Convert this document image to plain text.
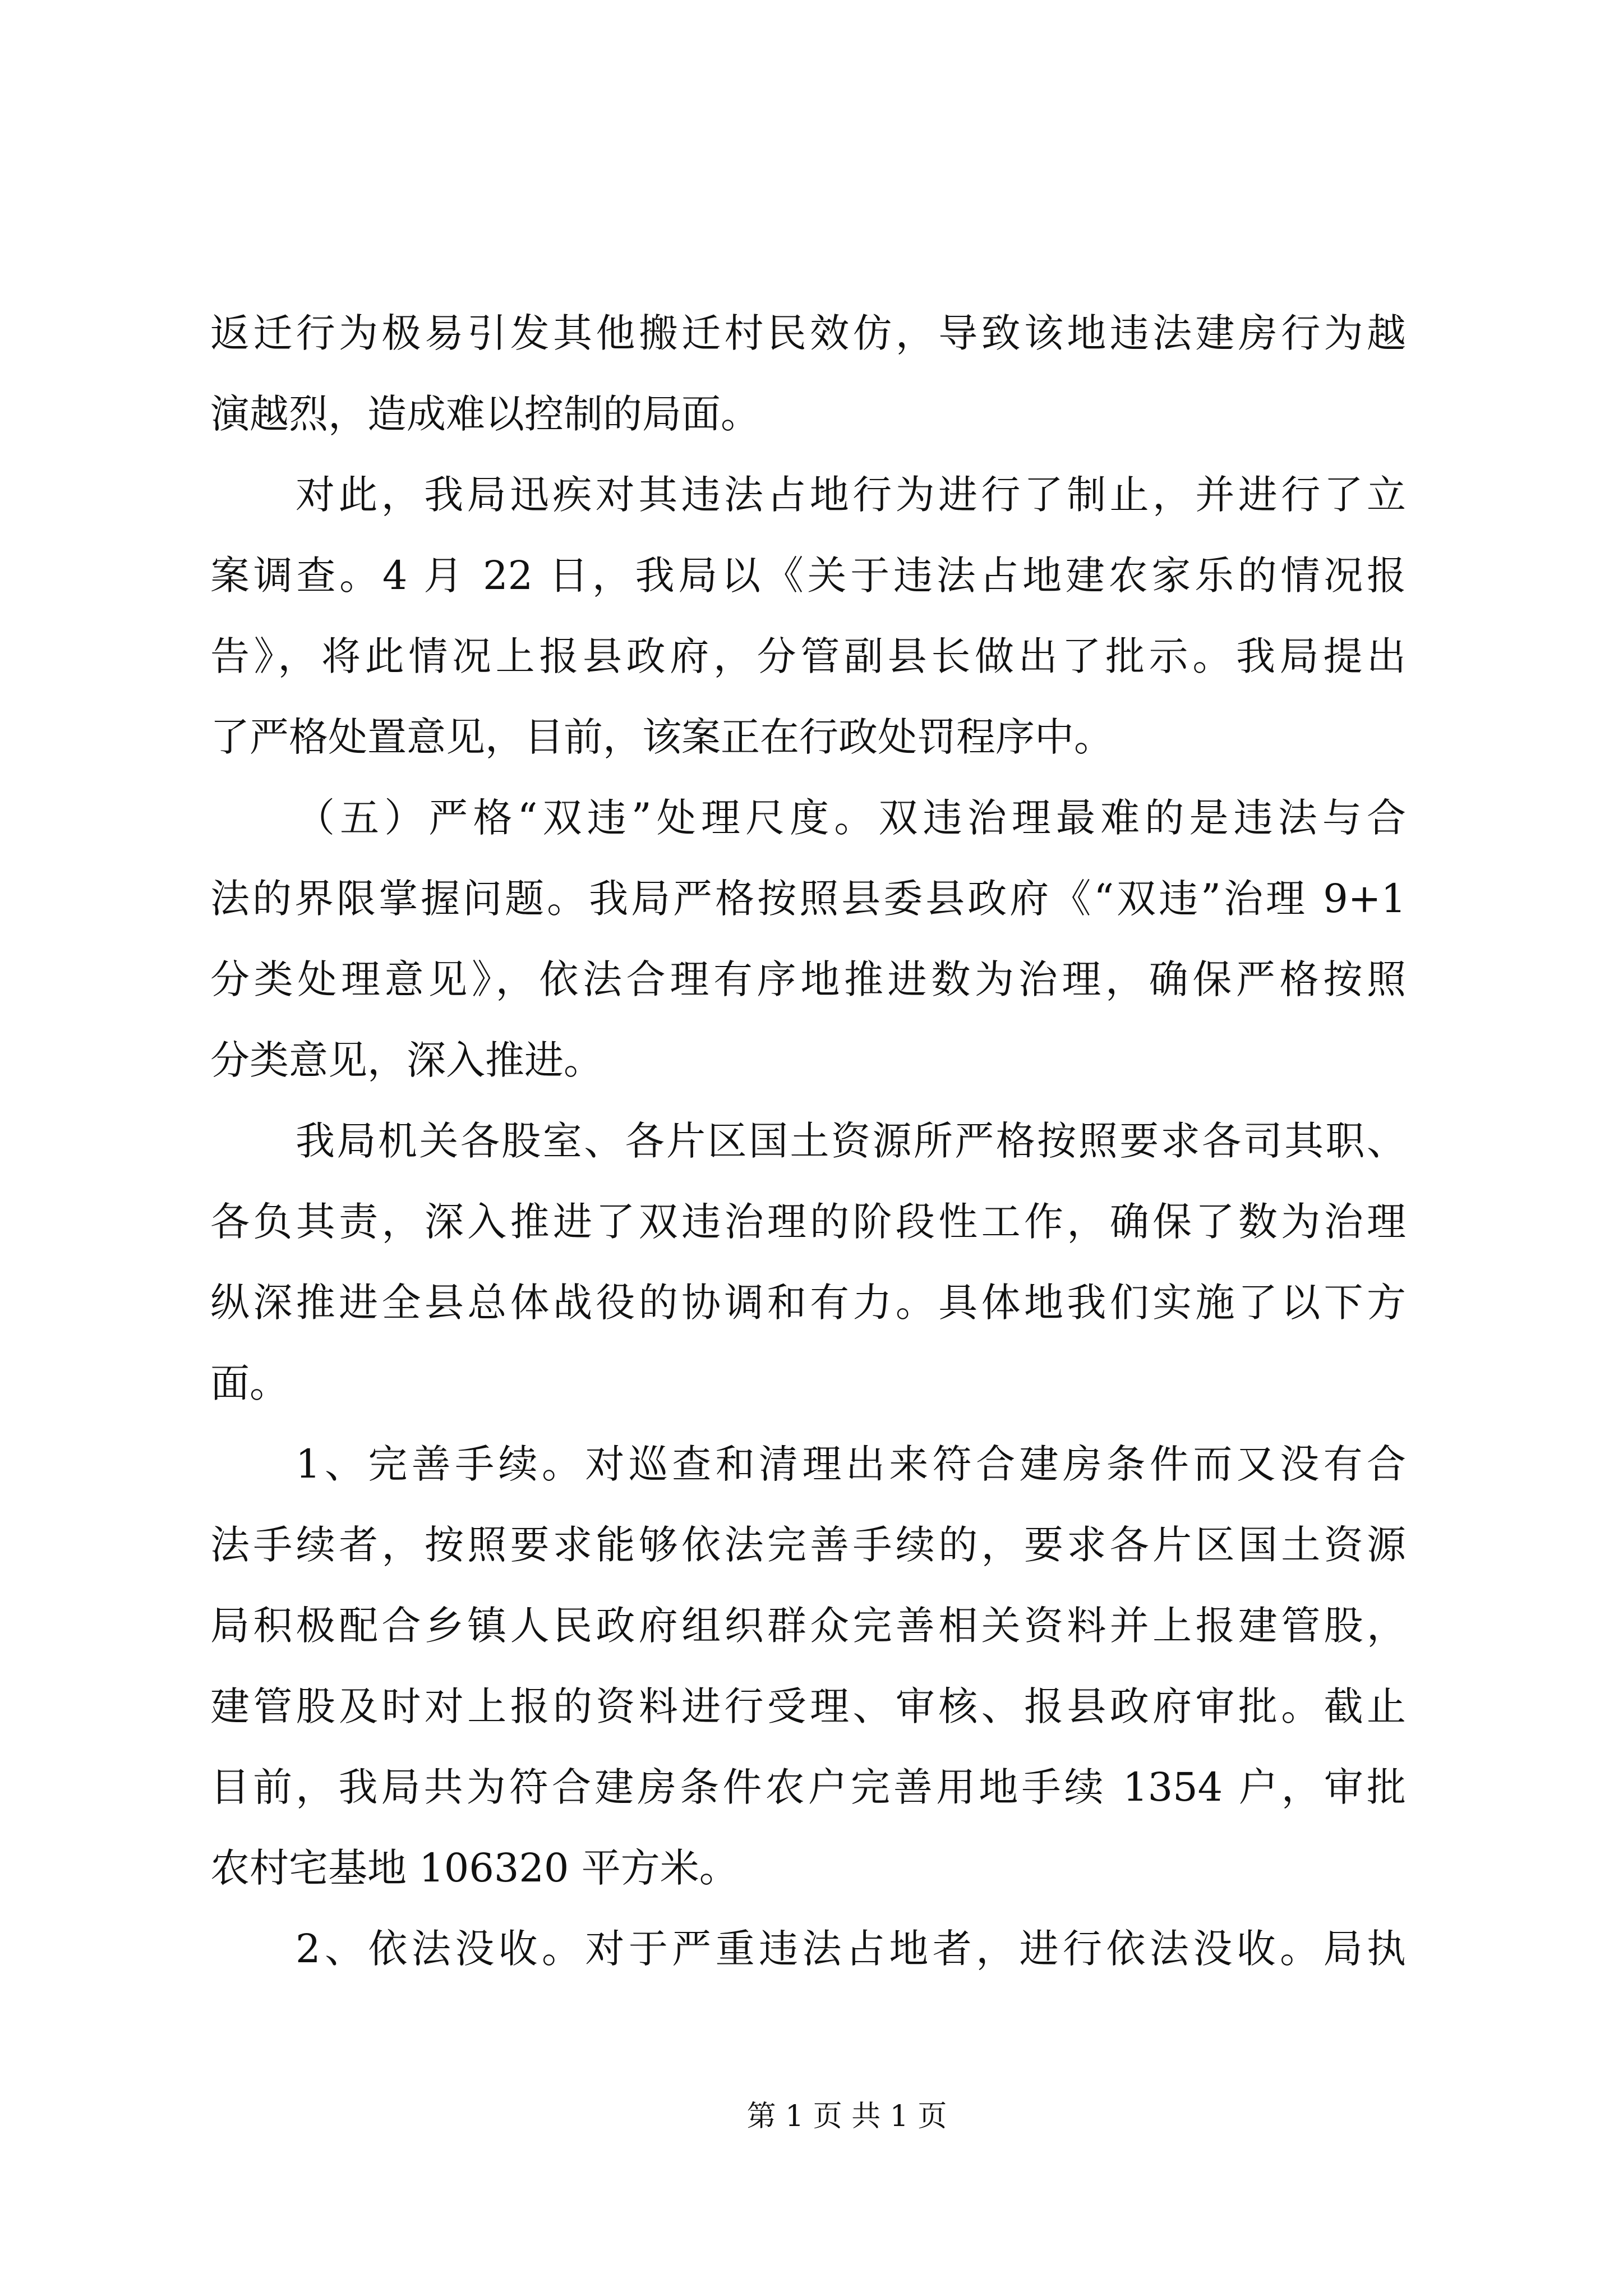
返迁行为极易引发其他搬迁村民效仿，导致该地违法建房行为越
演越烈，造成难以控制的局面。
对此，我局迅疾对其违法占地行为进行了制止，并进行了立
案调查。4 月 22 日，我局以《关于违法占地建农家乐的情况报
告》，将此情况上报县政府，分管副县长做出了批示。我局提出
了严格处置意见，目前，该案正在行政处罚程序中。
（五）严格“双违”处理尺度。双违治理最难的是违法与合
法的界限掌握问题。我局严格按照县委县政府《“双违”治理 9+1
分类处理意见》，依法合理有序地推进数为治理，确保严格按照
分类意见，深入推进。
我局机关各股室、各片区国土资源所严格按照要求各司其职、
各负其责，深入推进了双违治理的阶段性工作，确保了数为治理
纵深推进全县总体战役的协调和有力。具体地我们实施了以下方
面。
1、完善手续。对巡查和清理出来符合建房条件而又没有合
法手续者，按照要求能够依法完善手续的，要求各片区国土资源
局积极配合乡镇人民政府组织群众完善相关资料并上报建管股，
建管股及时对上报的资料进行受理、审核、报县政府审批。截止
目前，我局共为符合建房条件农户完善用地手续 1354 户，审批
农村宅基地 106320 平方米。
2、依法没收。对于严重违法占地者，进行依法没收。局执
第 1 页 共 1 页
